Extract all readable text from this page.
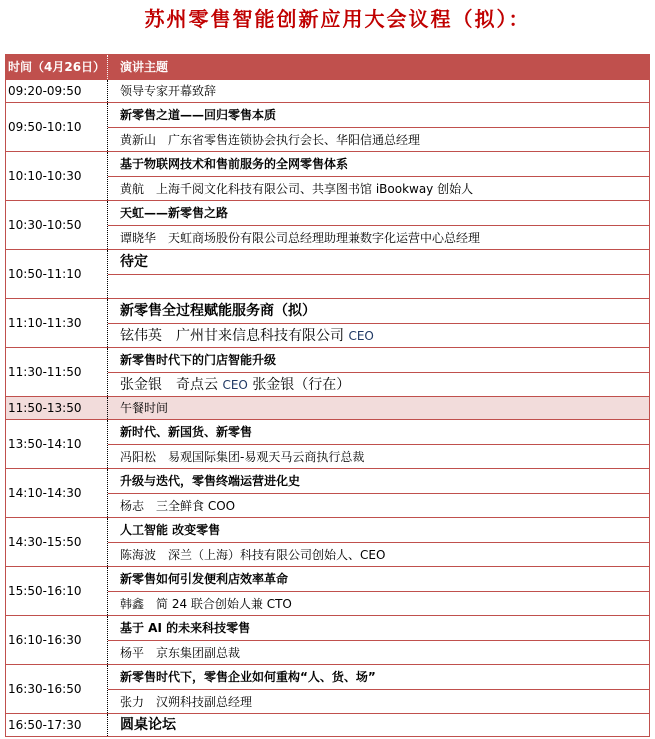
苏州零售智能创新应用大会议程（拟）：
时间（4月26日）	演讲主题
09:20-09:50	领导专家开幕致辞
09:50-10:10
新零售之道——回归零售本质
黄新山　广东省零售连锁协会执行会长、华阳信通总经理
10:10-10:30
基于物联网技术和售前服务的全网零售体系
黄航　上海千阅文化科技有限公司、共享图书馆 iBookway 创始人
10:30-10:50
天虹——新零售之路
谭晓华　天虹商场股份有限公司总经理助理兼数字化运营中心总经理
10:50-11:10
待定
11:10-11:30
新零售全过程赋能服务商（拟）
铉伟英　广州甘来信息科技有限公司 CEO
11:30-11:50
新零售时代下的门店智能升级
张金银　奇点云 CEO 张金银（行在）
11:50-13:50	午餐时间
13:50-14:10
新时代、新国货、新零售
冯阳松　易观国际集团-易观天马云商执行总裁
14:10-14:30
升级与迭代，零售终端运营进化史
杨志　三全鲜食 COO
14:30-15:50
人工智能 改变零售
陈海波　深兰（上海）科技有限公司创始人、CEO
15:50-16:10
新零售如何引发便利店效率革命
韩鑫　简 24 联合创始人兼 CTO
16:10-16:30
基于 AI 的未来科技零售
杨平　京东集团副总裁
16:30-16:50
新零售时代下，零售企业如何重构“人、货、场”
张力　汉朔科技副总经理
16:50-17:30	圆桌论坛
